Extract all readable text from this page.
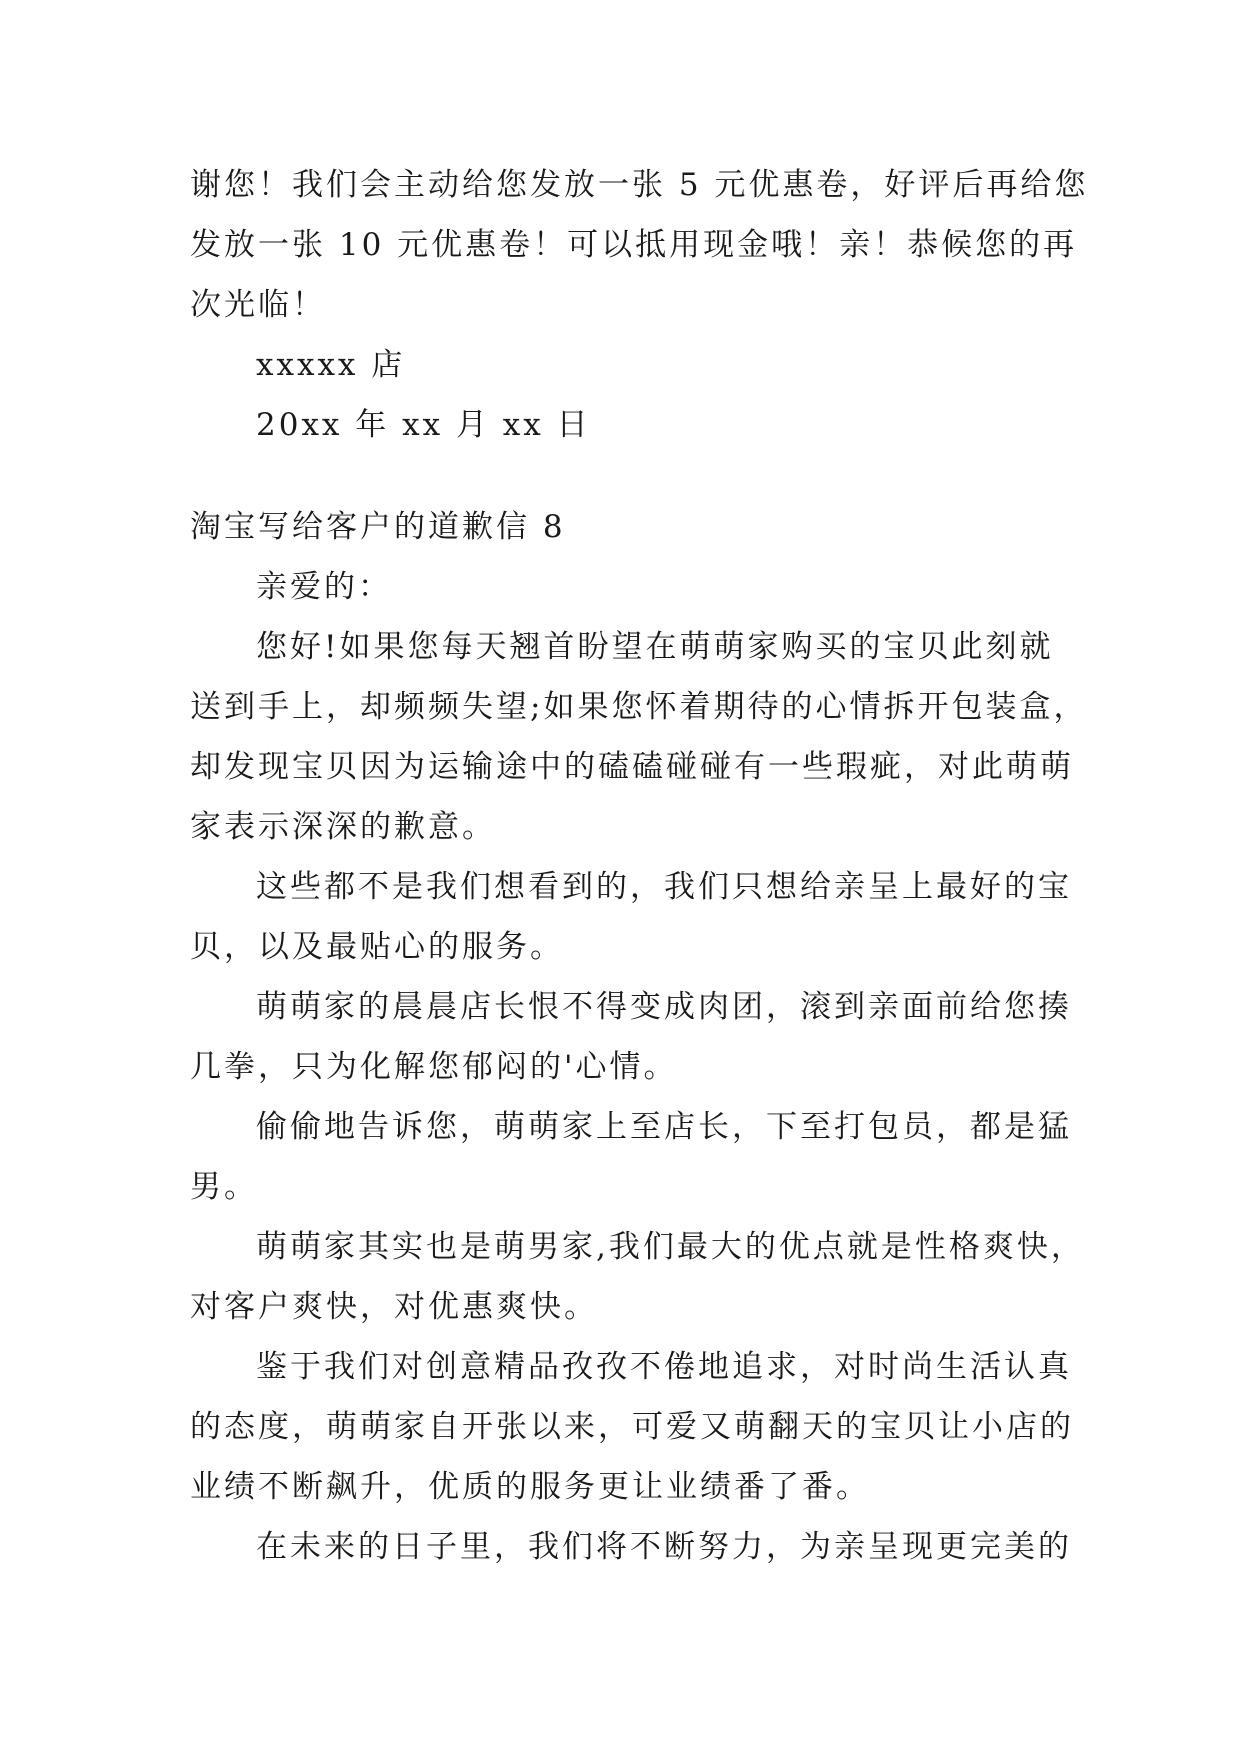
谢您！我们会主动给您发放一张 5 元优惠卷，好评后再给您
发放一张 10 元优惠卷！可以抵用现金哦！亲！恭候您的再
次光临！
xxxxx 店
20xx 年 xx 月 xx 日
淘宝写给客户的道歉信 8
亲爱的：
您好!如果您每天翘首盼望在萌萌家购买的宝贝此刻就
送到手上，却频频失望;如果您怀着期待的心情拆开包装盒，
却发现宝贝因为运输途中的磕磕碰碰有一些瑕疵，对此萌萌
家表示深深的歉意。
这些都不是我们想看到的，我们只想给亲呈上最好的宝
贝，以及最贴心的服务。
萌萌家的晨晨店长恨不得变成肉团，滚到亲面前给您揍
几拳，只为化解您郁闷的'心情。
偷偷地告诉您，萌萌家上至店长，下至打包员，都是猛
男。
萌萌家其实也是萌男家,我们最大的优点就是性格爽快，
对客户爽快，对优惠爽快。
鉴于我们对创意精品孜孜不倦地追求，对时尚生活认真
的态度，萌萌家自开张以来，可爱又萌翻天的宝贝让小店的
业绩不断飙升，优质的服务更让业绩番了番。
在未来的日子里，我们将不断努力，为亲呈现更完美的
